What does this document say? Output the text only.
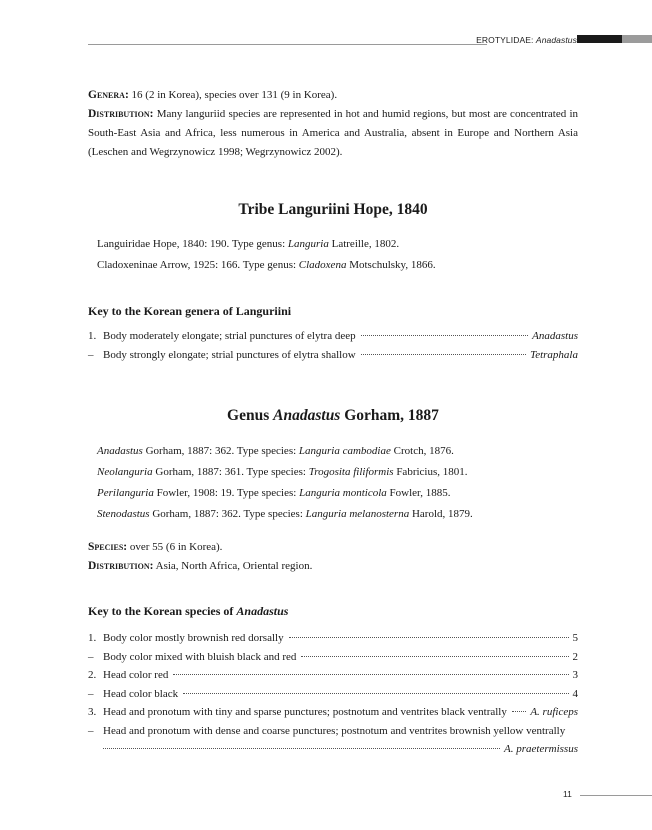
EROTYLIDAE: Anadastus
Genera: 16 (2 in Korea), species over 131 (9 in Korea).
Distribution: Many languriid species are represented in hot and humid regions, but most are concentrated in South-East Asia and Africa, less numerous in America and Australia, absent in Europe and Northern Asia (Leschen and Wegrzynowicz 1998; Wegrzynowicz 2002).
Tribe Languriini Hope, 1840
Languiridae Hope, 1840: 190. Type genus: Languria Latreille, 1802.
Cladoxeninae Arrow, 1925: 166. Type genus: Cladoxena Motschulsky, 1866.
Key to the Korean genera of Languriini
1. Body moderately elongate; strial punctures of elytra deep	Anadastus
– Body strongly elongate; strial punctures of elytra shallow	Tetraphala
Genus Anadastus Gorham, 1887
Anadastus Gorham, 1887: 362. Type species: Languria cambodiae Crotch, 1876.
Neolanguria Gorham, 1887: 361. Type species: Trogosita filiformis Fabricius, 1801.
Perilanguria Fowler, 1908: 19. Type species: Languria monticola Fowler, 1885.
Stenodastus Gorham, 1887: 362. Type species: Languria melanosterna Harold, 1879.
Species: over 55 (6 in Korea).
Distribution: Asia, North Africa, Oriental region.
Key to the Korean species of Anadastus
1. Body color mostly brownish red dorsally	5
– Body color mixed with bluish black and red	2
2. Head color red	3
– Head color black	4
3. Head and pronotum with tiny and sparse punctures; postnotum and ventrites black ventrally A. ruficeps
– Head and pronotum with dense and coarse punctures; postnotum and ventrites brownish yellow ventrally
A. praetermissus
11
